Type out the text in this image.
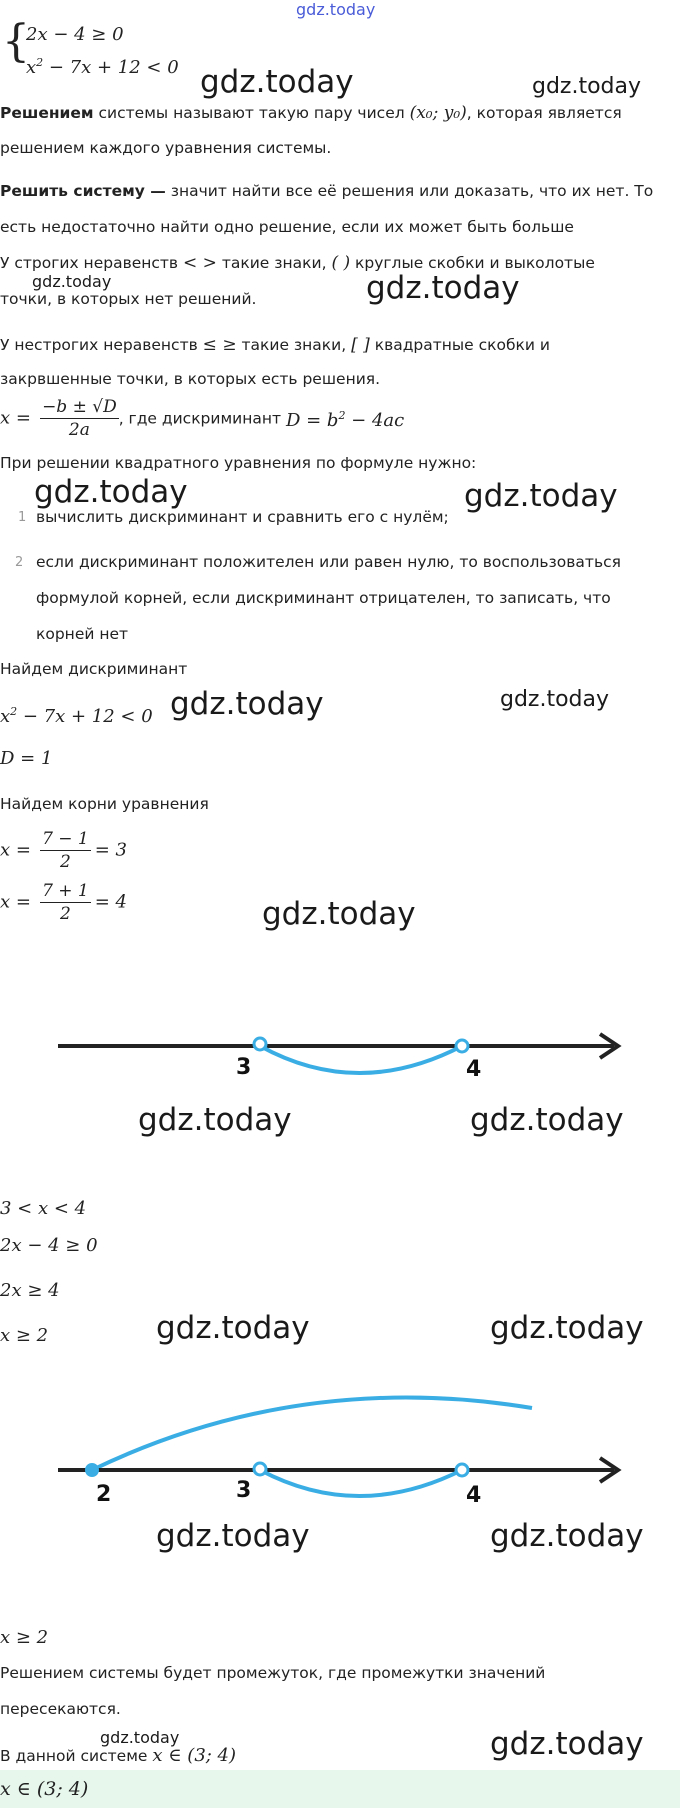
gdz.today
{
2x − 4 ≥ 0
$x^2 - 7x + 12 < 0$ gdz.today	gdz.today
Решением системы называют такую пару чисел (x₀; y₀), которая является
решением каждого уравнения системы.
Решить систему — значит найти все её решения или доказать, что их нет. То
есть недостаточно найти одно решение, если их может быть больше
У строгих неравенств < > такие знаки, ( ) круглые скобки и выколотые
gdz.today	gdz.today
точки, в которых нет решений.
У нестрогих неравенств ≤ ≥ такие знаки, [ ] квадратные скобки и
закрвшенные точки, в которых есть решения.
$x = \frac{-b \pm √D}{2a}$ , где дискриминант $D = b^2 - 4ac$
При решении квадратного уравнения по формуле нужно:
gdz.today	gdz.today
1 вычислить дискриминант и сравнить его с нулём;
2 если дискриминант положителен или равен нулю, то воспользоваться
формулой корней, если дискриминант отрицателен, то записать, что
корней нет
Найдем дискриминант
$x^2 - 7x + 12 < 0$ gdz.today	gdz.today
D = 1
Найдем корни уравнения
$x = \frac{7 - 1}{2} = 3$
$x = \frac{7 + 1}{2} = 4$	gdz.today
3	4
gdz.today	gdz.today
3 < x < 4
2x − 4 ≥ 0
2x ≥ 4
x ≥ 2	gdz.today	gdz.today
2	3	4
gdz.today	gdz.today
x ≥ 2
Решением системы будет промежуток, где промежутки значений
пересекаются.
gdz.today
В данной системе x ∈ (3; 4)	gdz.today
x ∈ (3; 4)
